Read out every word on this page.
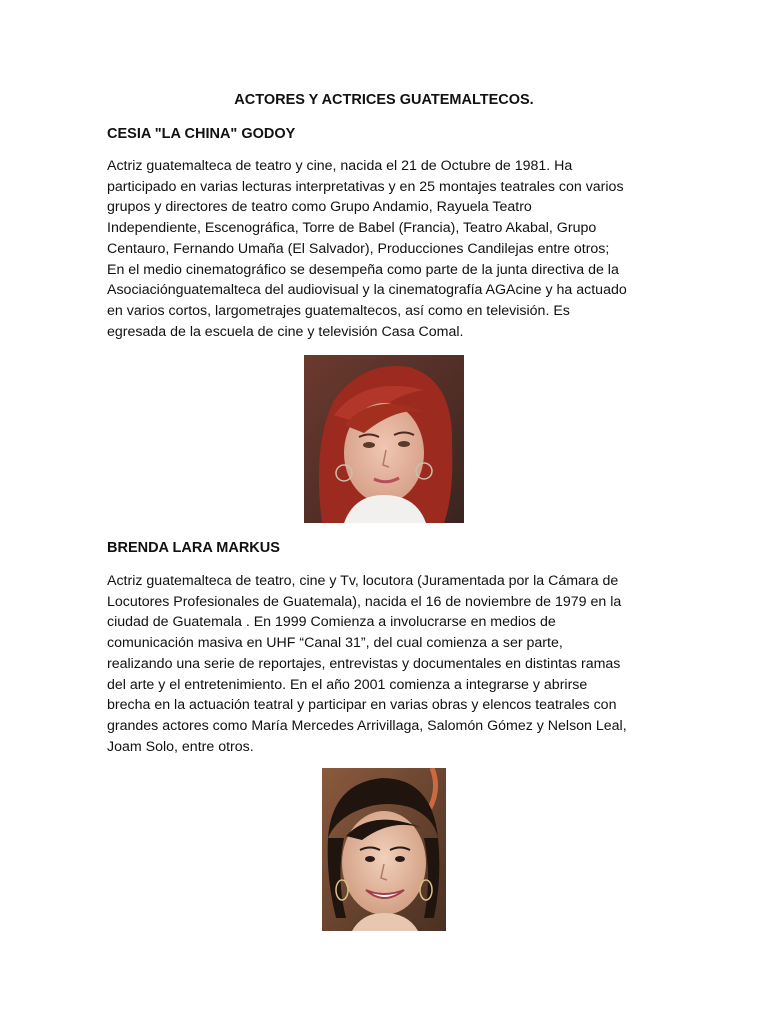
ACTORES Y ACTRICES GUATEMALTECOS.
CESIA "LA CHINA" GODOY
Actriz guatemalteca de teatro y cine, nacida el 21 de Octubre de 1981. Ha
participado en varias lecturas interpretativas y en 25 montajes teatrales con varios
grupos y directores de teatro como Grupo Andamio, Rayuela Teatro
Independiente, Escenográfica, Torre de Babel (Francia), Teatro Akabal, Grupo
Centauro, Fernando Umaña (El Salvador), Producciones Candilejas entre otros;
En el medio cinematográfico se desempeña como parte de la junta directiva de la
Asociaciónguatemalteca del audiovisual y la cinematografía AGAcine y ha actuado
en varios cortos, largometrajes guatemaltecos, así como en televisión. Es
egresada de la escuela de cine y televisión Casa Comal.
BRENDA LARA MARKUS
Actriz guatemalteca de teatro, cine y Tv, locutora (Juramentada por la Cámara de
Locutores Profesionales de Guatemala), nacida el 16 de noviembre de 1979 en la
ciudad de Guatemala . En 1999 Comienza a involucrarse en medios de
comunicación masiva en UHF “Canal 31”, del cual comienza a ser parte,
realizando una serie de reportajes, entrevistas y documentales en distintas ramas
del arte y el entretenimiento. En el año 2001 comienza a integrarse y abrirse
brecha en la actuación teatral y participar en varias obras y elencos teatrales con
grandes actores como María Mercedes Arrivillaga, Salomón Gómez y Nelson Leal,
Joam Solo, entre otros.
